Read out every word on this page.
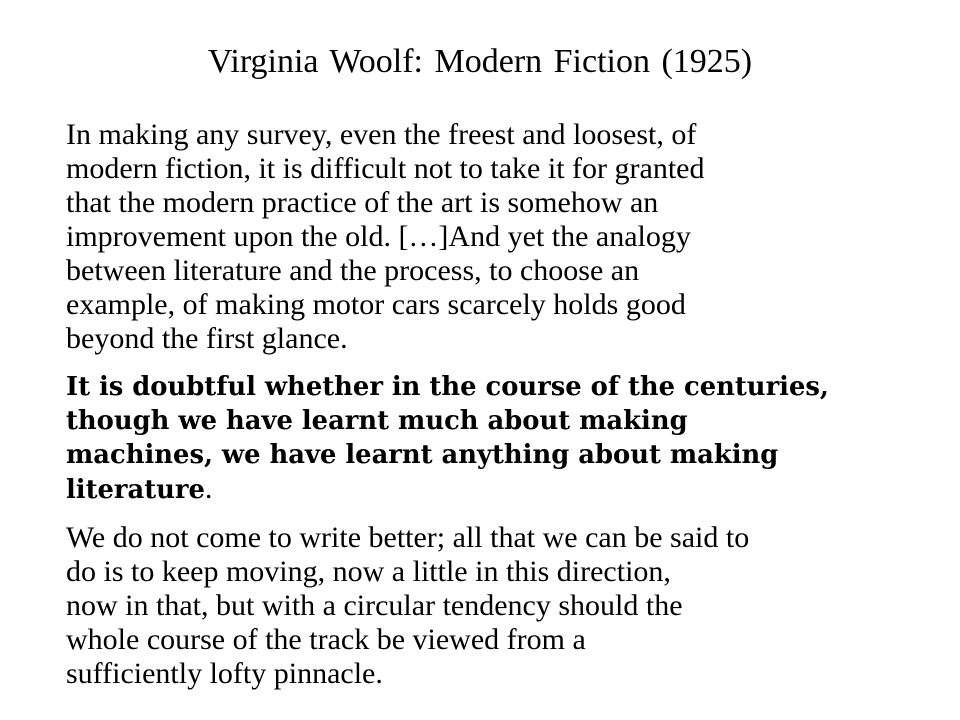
Virginia Woolf: Modern Fiction (1925)

In making any survey, even the freest and loosest, of
modern fiction, it is difficult not to take it for granted
that the modern practice of the art is somehow an
improvement upon the old. […]And yet the analogy
between literature and the process, to choose an
example, of making motor cars scarcely holds good
beyond the first glance.

It is doubtful whether in the course of the centuries,
though we have learnt much about making
machines, we have learnt anything about making
literature.

We do not come to write better; all that we can be said to
do is to keep moving, now a little in this direction,
now in that, but with a circular tendency should the
whole course of the track be viewed from a
sufficiently lofty pinnacle.
